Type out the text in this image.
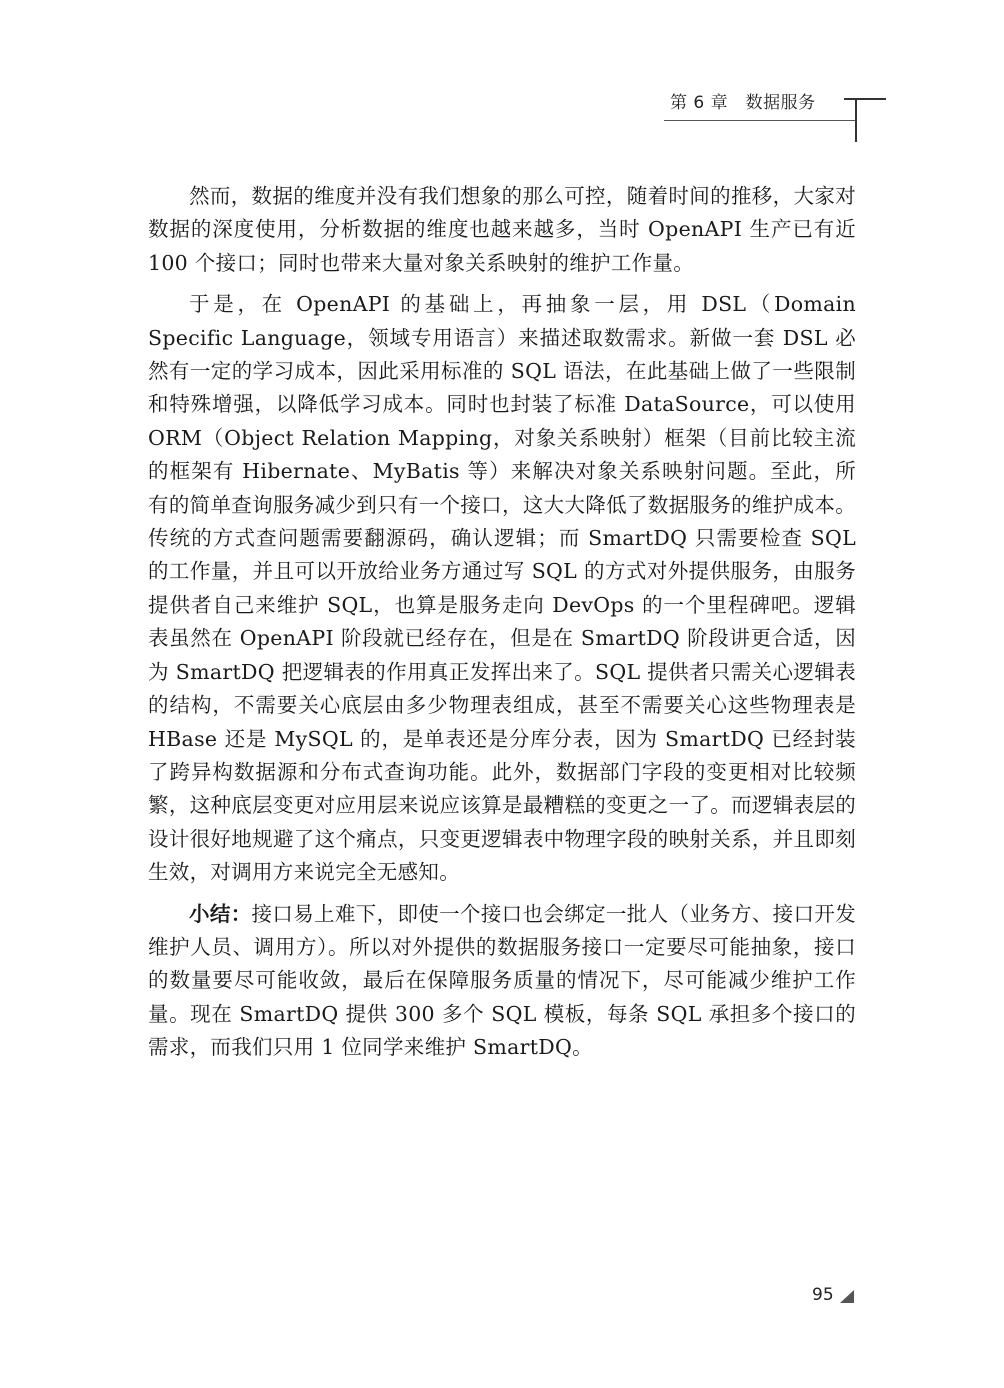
第 6 章　数据服务

然而，数据的维度并没有我们想象的那么可控，随着时间的推移，大家对数据的深度使用，分析数据的维度也越来越多，当时 OpenAPI 生产已有近 100 个接口；同时也带来大量对象关系映射的维护工作量。

于是，在 OpenAPI 的基础上，再抽象一层，用 DSL（Domain Specific Language，领域专用语言）来描述取数需求。新做一套 DSL 必然有一定的学习成本，因此采用标准的 SQL 语法，在此基础上做了一些限制和特殊增强，以降低学习成本。同时也封装了标准 DataSource，可以使用 ORM（Object Relation Mapping，对象关系映射）框架（目前比较主流的框架有 Hibernate、MyBatis 等）来解决对象关系映射问题。至此，所有的简单查询服务减少到只有一个接口，这大大降低了数据服务的维护成本。传统的方式查问题需要翻源码，确认逻辑；而 SmartDQ 只需要检查 SQL 的工作量，并且可以开放给业务方通过写 SQL 的方式对外提供服务，由服务提供者自己来维护 SQL，也算是服务走向 DevOps 的一个里程碑吧。逻辑表虽然在 OpenAPI 阶段就已经存在，但是在 SmartDQ 阶段讲更合适，因为 SmartDQ 把逻辑表的作用真正发挥出来了。SQL 提供者只需关心逻辑表的结构，不需要关心底层由多少物理表组成，甚至不需要关心这些物理表是 HBase 还是 MySQL 的，是单表还是分库分表，因为 SmartDQ 已经封装了跨异构数据源和分布式查询功能。此外，数据部门字段的变更相对比较频繁，这种底层变更对应用层来说应该算是最糟糕的变更之一了。而逻辑表层的设计很好地规避了这个痛点，只变更逻辑表中物理字段的映射关系，并且即刻生效，对调用方来说完全无感知。

小结：接口易上难下，即使一个接口也会绑定一批人（业务方、接口开发维护人员、调用方）。所以对外提供的数据服务接口一定要尽可能抽象，接口的数量要尽可能收敛，最后在保障服务质量的情况下，尽可能减少维护工作量。现在 SmartDQ 提供 300 多个 SQL 模板，每条 SQL 承担多个接口的需求，而我们只用 1 位同学来维护 SmartDQ。

95
